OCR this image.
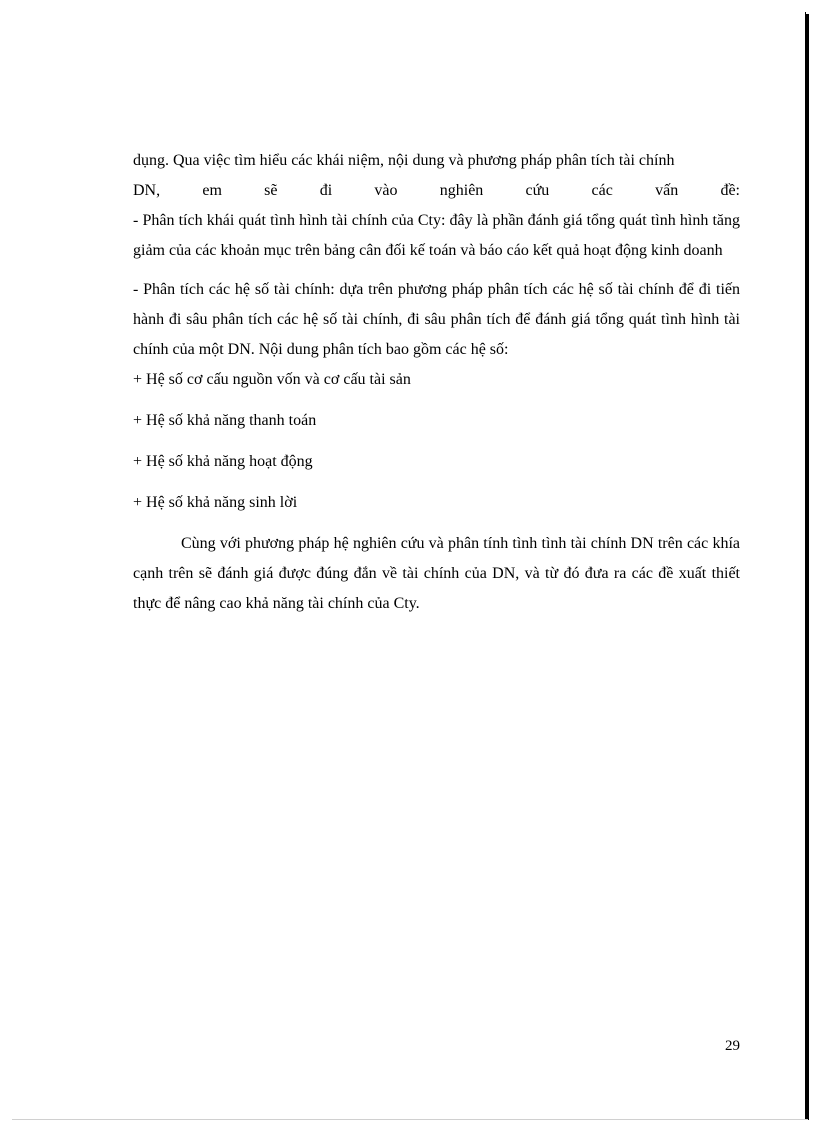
dụng. Qua việc tìm hiểu các khái niệm, nội dung và phương pháp phân tích tài chính

DN, em sẽ đi vào nghiên cứu các vấn đề:

- Phân tích khái quát tình hình tài chính của Cty: đây là phần đánh giá tổng quát tình hình tăng giảm của các khoản mục trên bảng cân đối kế toán và báo cáo kết quả hoạt động kinh doanh

- Phân tích các hệ số tài chính: dựa trên phương pháp phân tích các hệ số tài chính để đi tiến hành đi sâu phân tích các hệ số tài chính, đi sâu phân tích để đánh giá tổng quát tình hình tài chính của một DN. Nội dung phân tích bao gồm các hệ số:

+ Hệ số cơ cấu nguồn vốn và cơ cấu tài sản

+ Hệ số khả năng thanh toán

+ Hệ số khả năng hoạt động

+ Hệ số khả năng sinh lời

Cùng với phương pháp hệ nghiên cứu và phân tính tình tình tài chính DN trên các khía cạnh trên sẽ đánh giá được đúng đắn về tài chính của DN, và từ đó đưa ra các đề xuất thiết thực để nâng cao khả năng tài chính của Cty.

29
